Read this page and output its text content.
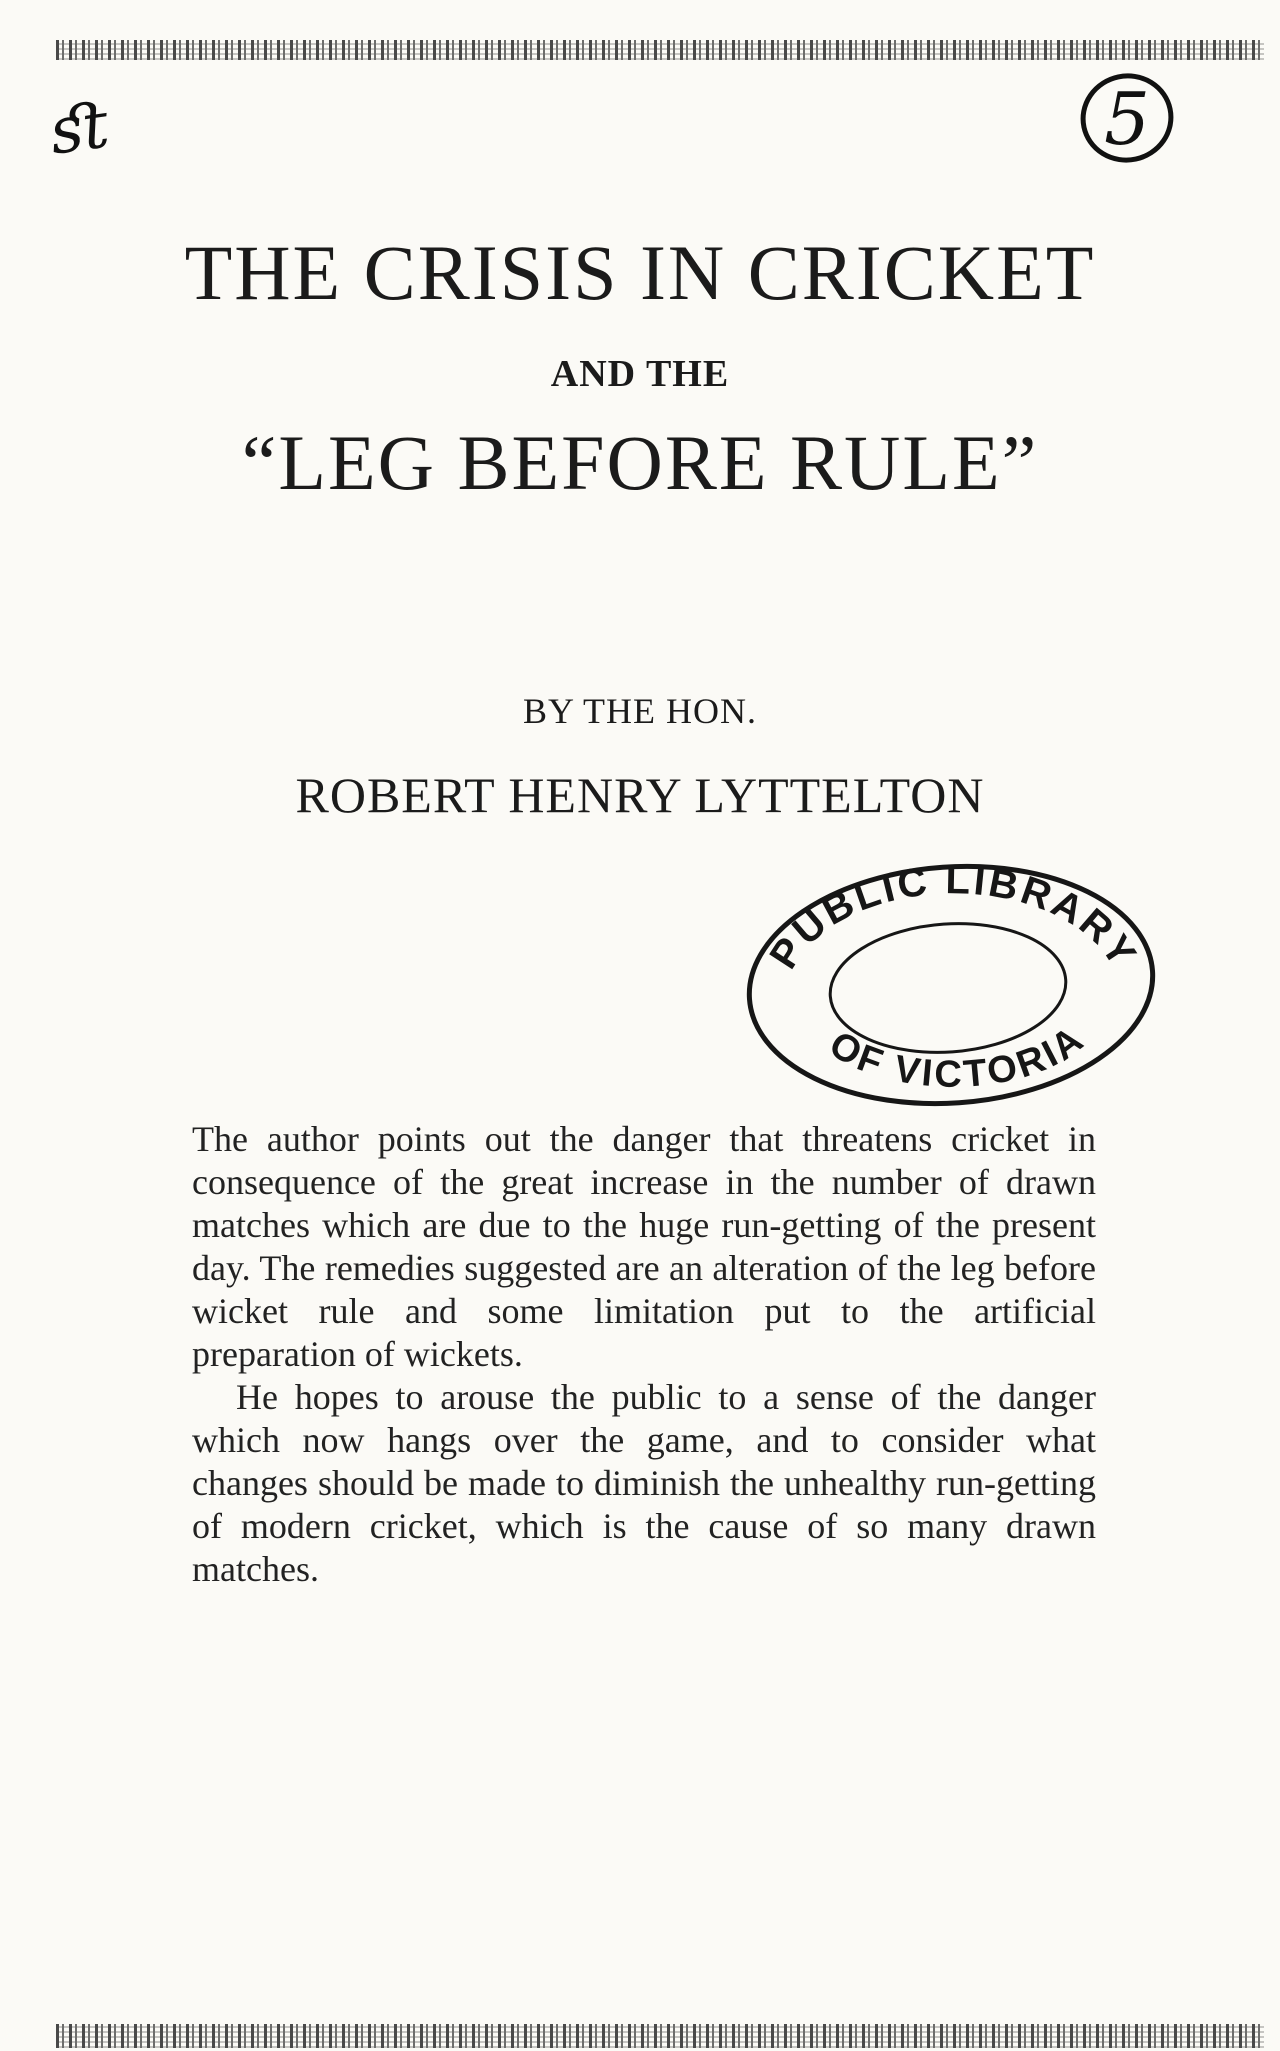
ﬆ	5
THE CRISIS IN CRICKET
AND THE
“LEG BEFORE RULE”
BY THE HON.
ROBERT HENRY LYTTELTON
PUBLIC LIBRARY
OF VICTORIA

The author points out the danger that threatens cricket in consequence of the great increase in the number of drawn matches which are due to the huge run-getting of the present day. The remedies suggested are an alteration of the leg before wicket rule and some limitation put to the artificial preparation of wickets.

He hopes to arouse the public to a sense of the danger which now hangs over the game, and to consider what changes should be made to diminish the unhealthy run-getting of modern cricket, which is the cause of so many drawn matches.
